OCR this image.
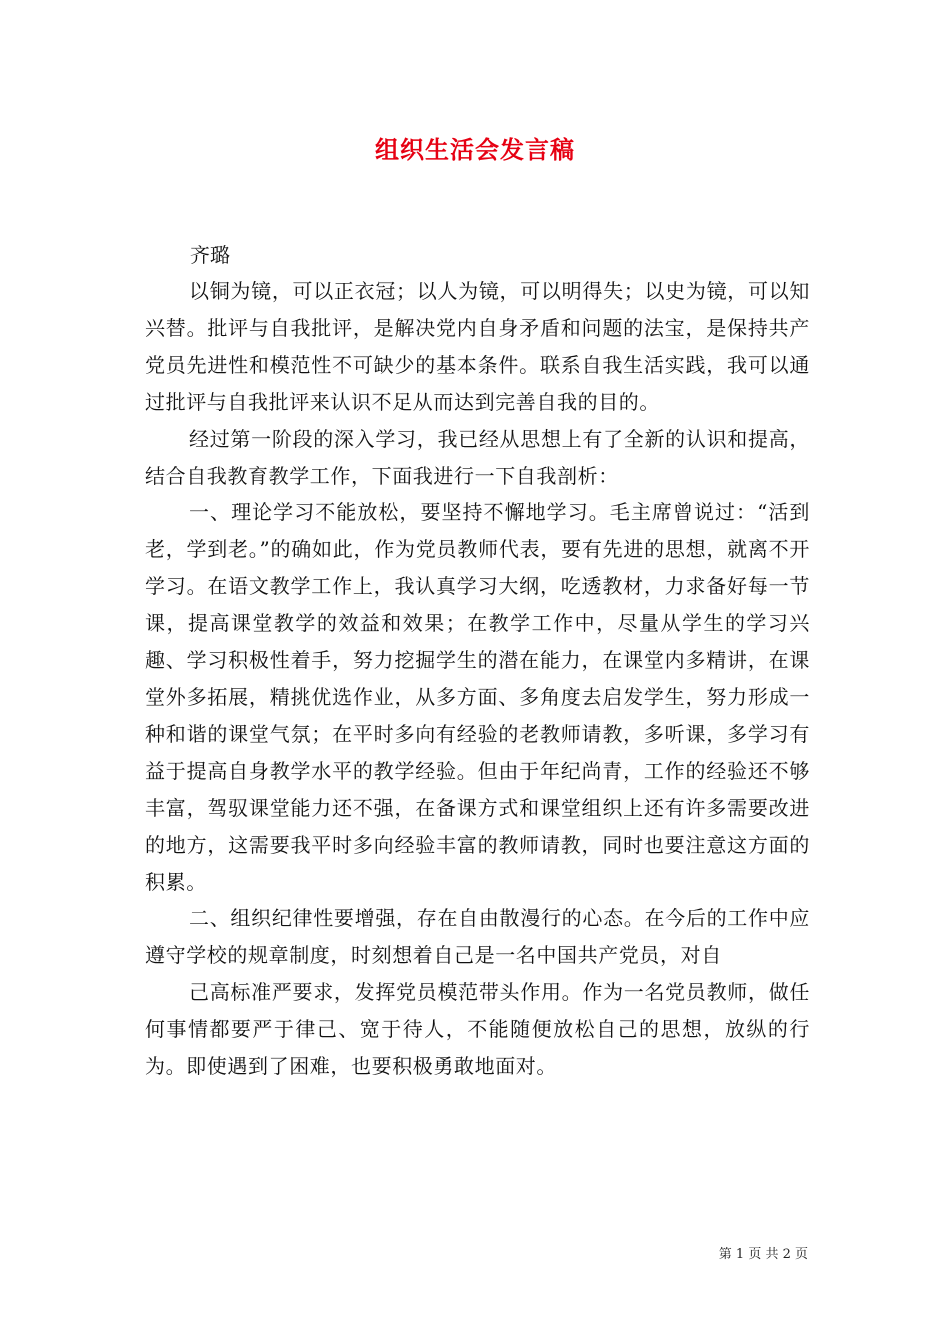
组织生活会发言稿
齐璐

以铜为镜，可以正衣冠；以人为镜，可以明得失；以史为镜，可以知兴替。批评与自我批评，是解决党内自身矛盾和问题的法宝，是保持共产党员先进性和模范性不可缺少的基本条件。联系自我生活实践，我可以通过批评与自我批评来认识不足从而达到完善自我的目的。

经过第一阶段的深入学习，我已经从思想上有了全新的认识和提高，结合自我教育教学工作，下面我进行一下自我剖析：

一、理论学习不能放松，要坚持不懈地学习。毛主席曾说过：“活到老，学到老。”的确如此，作为党员教师代表，要有先进的思想，就离不开学习。在语文教学工作上，我认真学习大纲，吃透教材，力求备好每一节课，提高课堂教学的效益和效果；在教学工作中，尽量从学生的学习兴趣、学习积极性着手，努力挖掘学生的潜在能力，在课堂内多精讲，在课堂外多拓展，精挑优选作业，从多方面、多角度去启发学生，努力形成一种和谐的课堂气氛；在平时多向有经验的老教师请教，多听课，多学习有益于提高自身教学水平的教学经验。但由于年纪尚青，工作的经验还不够丰富，驾驭课堂能力还不强，在备课方式和课堂组织上还有许多需要改进的地方，这需要我平时多向经验丰富的教师请教，同时也要注意这方面的积累。

二、组织纪律性要增强，存在自由散漫行的心态。在今后的工作中应遵守学校的规章制度，时刻想着自己是一名中国共产党员，对自

己高标准严要求，发挥党员模范带头作用。作为一名党员教师，做任何事情都要严于律己、宽于待人，不能随便放松自己的思想，放纵的行为。即使遇到了困难，也要积极勇敢地面对。

第 1 页 共 2 页
